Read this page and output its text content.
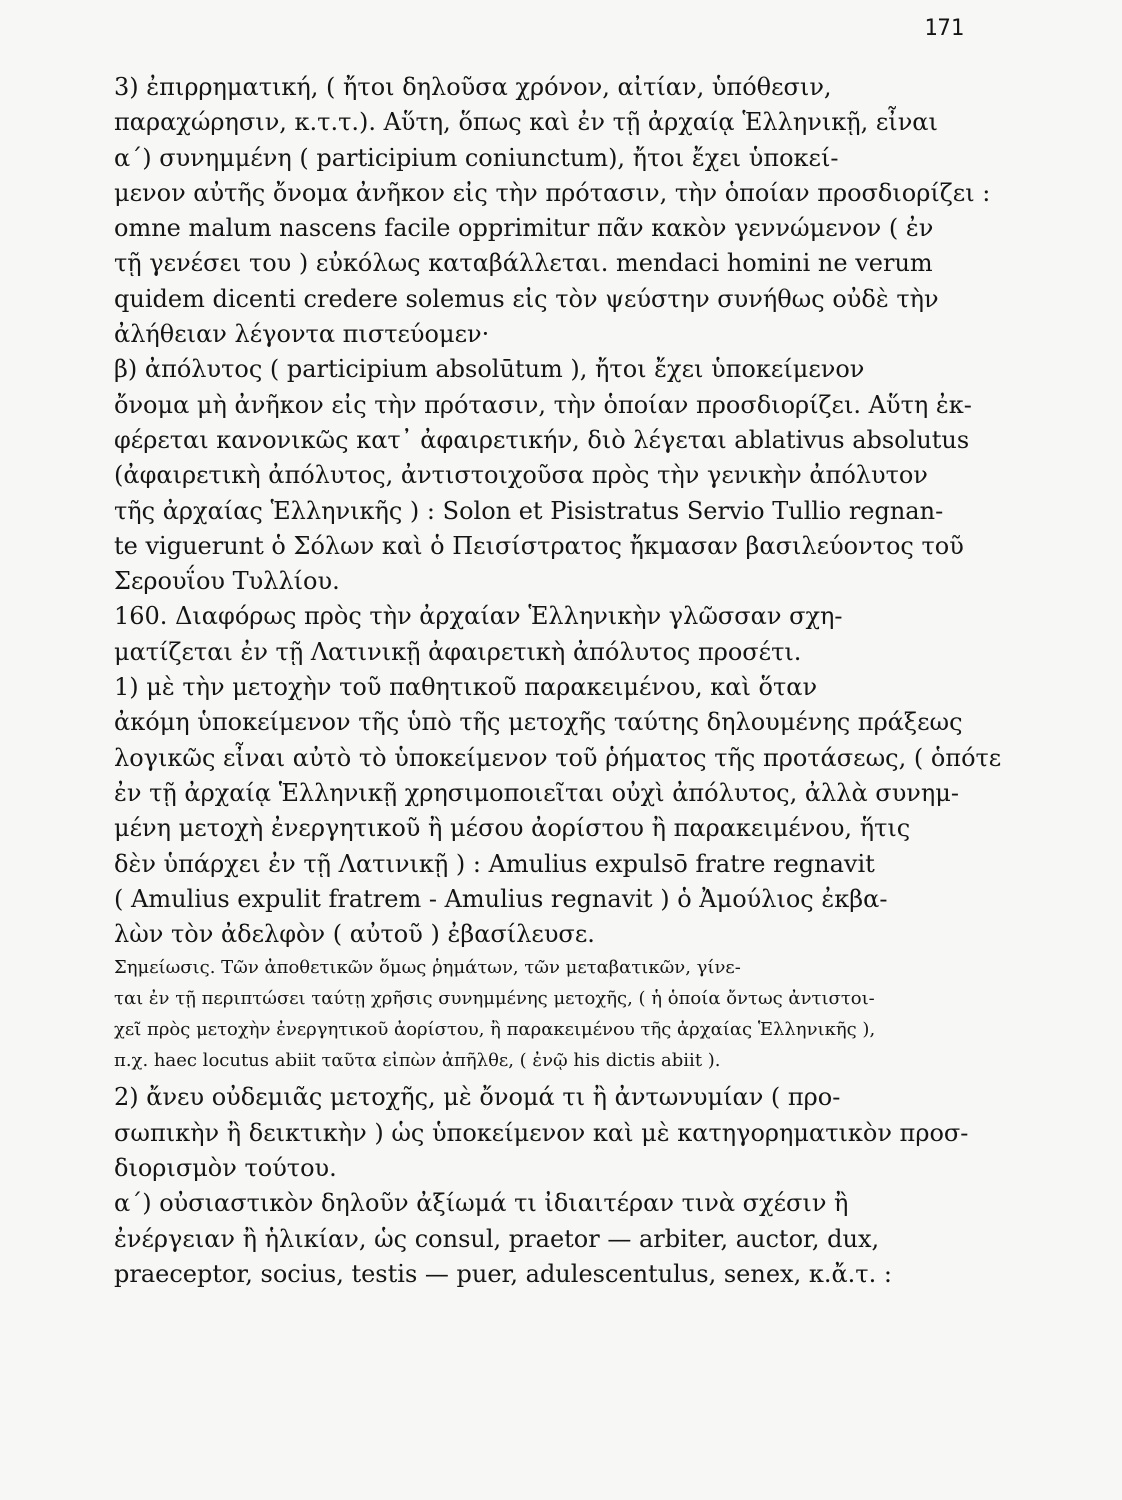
171

3) ἐπιρρηματική, ( ἤτοι δηλοῦσα χρόνον, αἰτίαν, ὑπόθεσιν,
παραχώρησιν, κ.τ.τ.). Αὕτη, ὅπως καὶ ἐν τῇ ἀρχαίᾳ Ἑλληνικῇ, εἶναι
α΄) συνημμένη ( participium coniunctum), ἤτοι ἔχει ὑποκεί-
μενον αὐτῆς ὄνομα ἀνῆκον εἰς τὴν πρότασιν, τὴν ὁποίαν προσδιορίζει :
omne malum nascens facile opprimitur πᾶν κακὸν γεννώμενον ( ἐν
τῇ γενέσει του ) εὐκόλως καταβάλλεται. mendaci homini ne verum
quidem dicenti credere solemus εἰς τὸν ψεύστην συνήθως οὐδὲ τὴν
ἀλήθειαν λέγοντα πιστεύομεν·

β) ἀπόλυτος ( participium absolūtum ), ἤτοι ἔχει ὑποκείμενον
ὄνομα μὴ ἀνῆκον εἰς τὴν πρότασιν, τὴν ὁποίαν προσδιορίζει. Αὕτη ἐκ-
φέρεται κανονικῶς κατ᾽ ἀφαιρετικήν, διὸ λέγεται ablativus absolutus
(ἀφαιρετικὴ ἀπόλυτος, ἀντιστοιχοῦσα πρὸς τὴν γενικὴν ἀπόλυτον
τῆς ἀρχαίας Ἑλληνικῆς ) : Solon et Pisistratus Servio Tullio regnan-
te viguerunt ὁ Σόλων καὶ ὁ Πεισίστρατος ἤκμασαν βασιλεύοντος τοῦ
Σερουΐου Τυλλίου.

160. Διαφόρως πρὸς τὴν ἀρχαίαν Ἑλληνικὴν γλῶσσαν σχη-
ματίζεται ἐν τῇ Λατινικῇ ἀφαιρετικὴ ἀπόλυτος προσέτι.

1) μὲ τὴν μετοχὴν τοῦ παθητικοῦ παρακειμένου, καὶ ὅταν
ἀκόμη ὑποκείμενον τῆς ὑπὸ τῆς μετοχῆς ταύτης δηλουμένης πράξεως
λογικῶς εἶναι αὐτὸ τὸ ὑποκείμενον τοῦ ῥήματος τῆς προτάσεως, ( ὁπότε
ἐν τῇ ἀρχαίᾳ Ἑλληνικῇ χρησιμοποιεῖται οὐχὶ ἀπόλυτος, ἀλλὰ συνημ-
μένη μετοχὴ ἐνεργητικοῦ ἢ μέσου ἀορίστου ἢ παρακειμένου, ἥτις
δὲν ὑπάρχει ἐν τῇ Λατινικῇ ) : Amulius expulsō fratre regnavit
( Amulius expulit fratrem - Amulius regnavit ) ὁ Ἀμούλιος ἐκβα-
λὼν τὸν ἀδελφὸν ( αὐτοῦ ) ἐβασίλευσε.

Σημείωσις. Τῶν ἀποθετικῶν ὅμως ῥημάτων, τῶν μεταβατικῶν, γίνε-
ται ἐν τῇ περιπτώσει ταύτῃ χρῆσις συνημμένης μετοχῆς, ( ἡ ὁποία ὄντως ἀντιστοι-
χεῖ πρὸς μετοχὴν ἐνεργητικοῦ ἀορίστου, ἢ παρακειμένου τῆς ἀρχαίας Ἑλληνικῆς ),
π.χ. haec locutus abiit ταῦτα εἰπὼν ἀπῆλθε, ( ἐνῷ his dictis abiit ).

2) ἄνευ οὐδεμιᾶς μετοχῆς, μὲ ὄνομά τι ἢ ἀντωνυμίαν ( προ-
σωπικὴν ἢ δεικτικὴν ) ὡς ὑποκείμενον καὶ μὲ κατηγορηματικὸν προσ-
διορισμὸν τούτου.

α΄) οὐσιαστικὸν δηλοῦν ἀξίωμά τι ἰδιαιτέραν τινὰ σχέσιν ἢ
ἐνέργειαν ἢ ἡλικίαν, ὡς consul, praetor — arbiter, auctor, dux,
praeceptor, socius, testis — puer, adulescentulus, senex, κ.ἄ.τ. :
